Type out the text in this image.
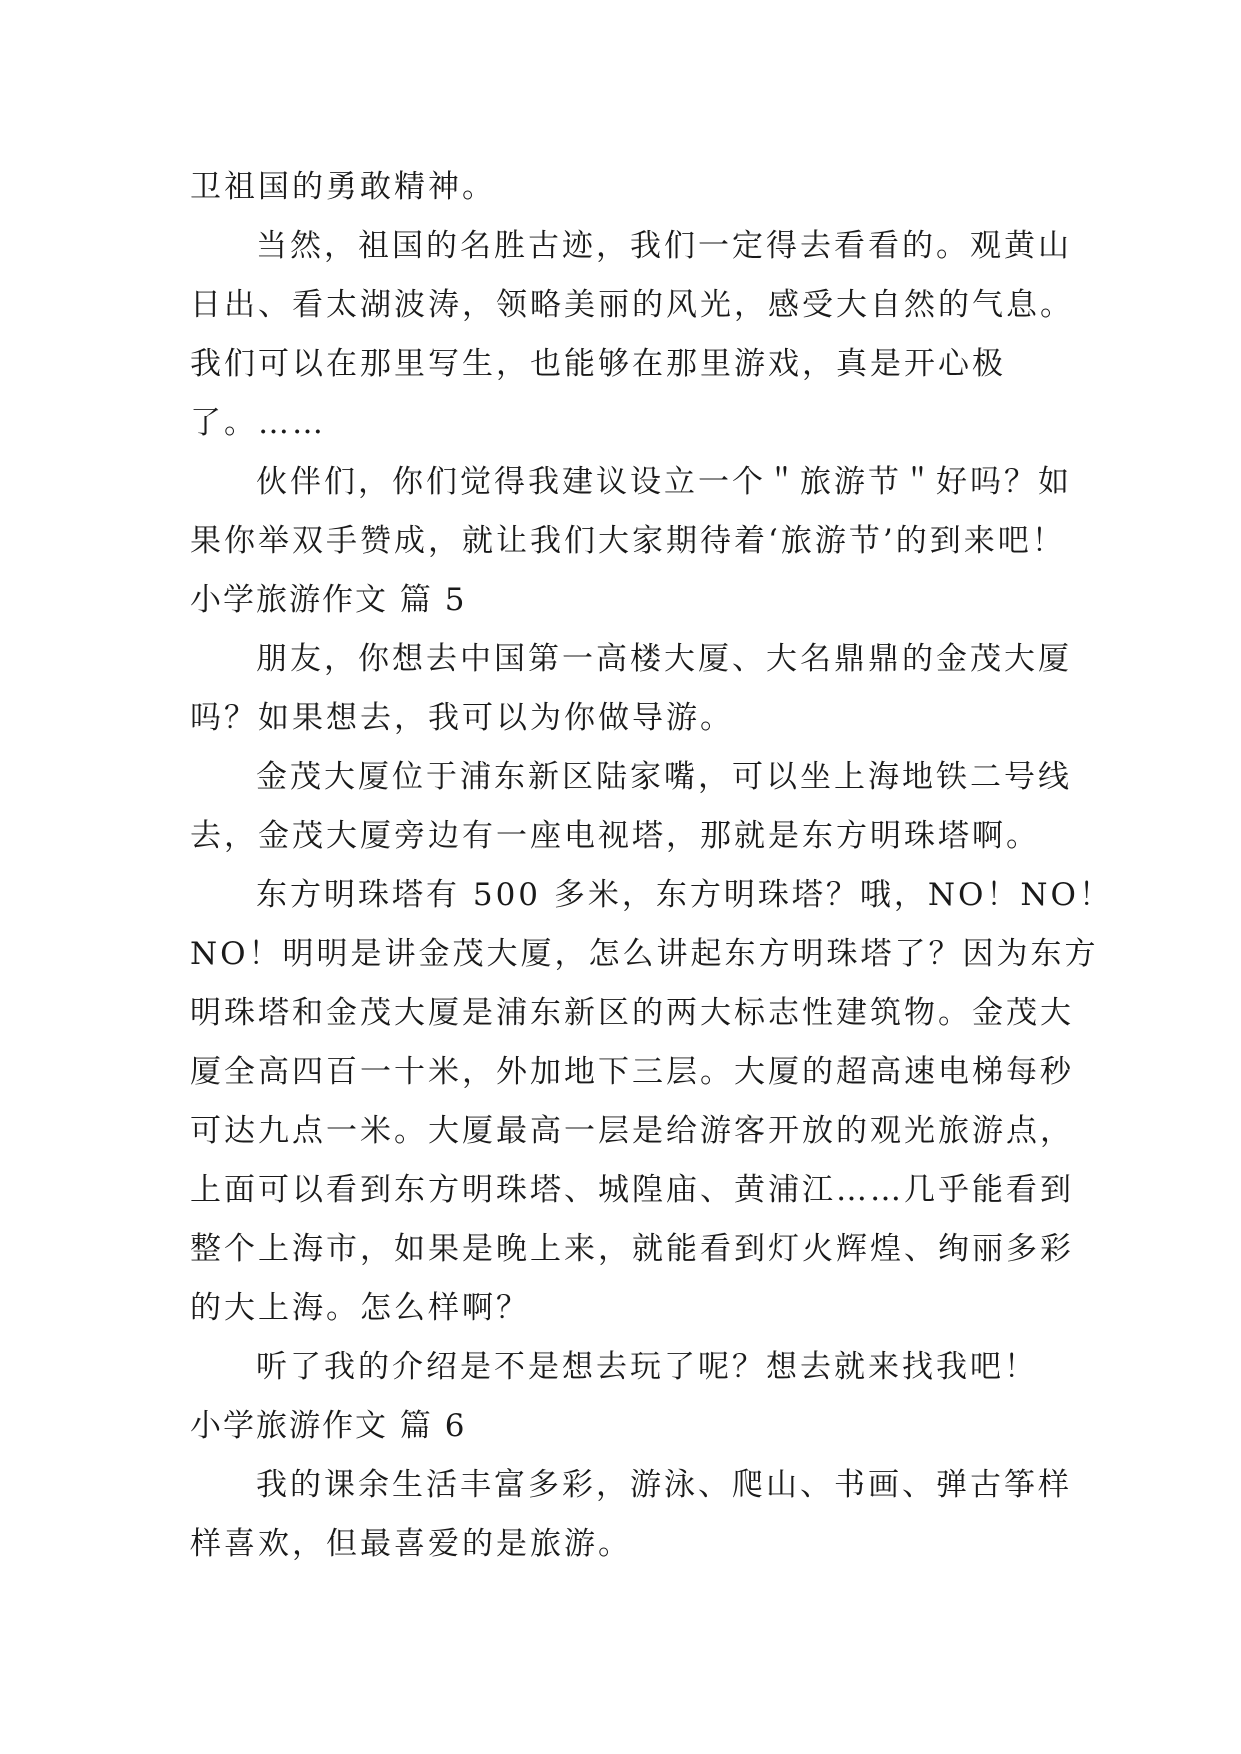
卫祖国的勇敢精神。
当然，祖国的名胜古迹，我们一定得去看看的。观黄山
日出、看太湖波涛，领略美丽的风光，感受大自然的气息。
我们可以在那里写生，也能够在那里游戏，真是开心极
了。……
伙伴们，你们觉得我建议设立一个＂旅游节＂好吗？如
果你举双手赞成，就让我们大家期待着‘旅游节’的到来吧！
小学旅游作文 篇 5
朋友，你想去中国第一高楼大厦、大名鼎鼎的金茂大厦
吗？如果想去，我可以为你做导游。
金茂大厦位于浦东新区陆家嘴，可以坐上海地铁二号线
去，金茂大厦旁边有一座电视塔，那就是东方明珠塔啊。
东方明珠塔有 500 多米，东方明珠塔？哦，NO！NO！
NO！明明是讲金茂大厦，怎么讲起东方明珠塔了？因为东方
明珠塔和金茂大厦是浦东新区的两大标志性建筑物。金茂大
厦全高四百一十米，外加地下三层。大厦的超高速电梯每秒
可达九点一米。大厦最高一层是给游客开放的观光旅游点，
上面可以看到东方明珠塔、城隍庙、黄浦江……几乎能看到
整个上海市，如果是晚上来，就能看到灯火辉煌、绚丽多彩
的大上海。怎么样啊？
听了我的介绍是不是想去玩了呢？想去就来找我吧！
小学旅游作文 篇 6
我的课余生活丰富多彩，游泳、爬山、书画、弹古筝样
样喜欢，但最喜爱的是旅游。
